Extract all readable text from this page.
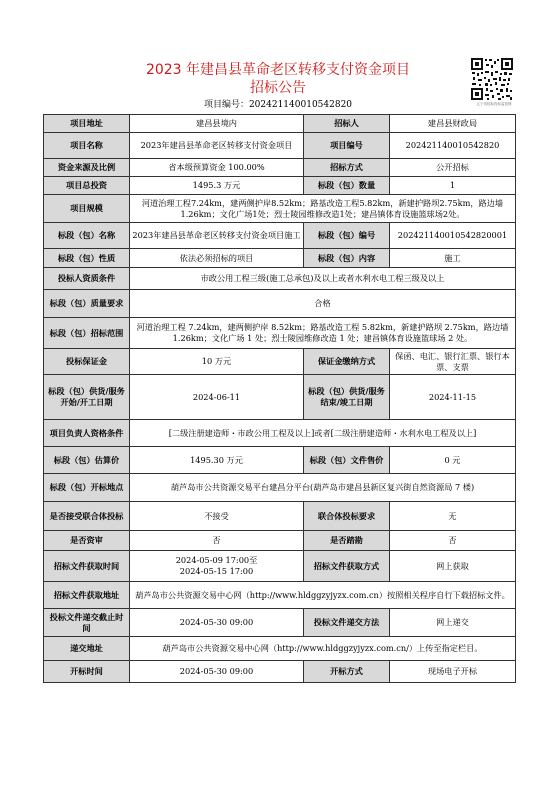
2023 年建昌县革命老区转移支付资金项目
招标公告
项目编号：2024211400105428​20	辽宁省招标投标监管网
项目地址	建昌县境内	招标人	建昌县财政局
项目名称	2023年建昌县革命老区转移支付资金项目	项目编号	2024211400105428​20
资金来源及比例	省本级预算资金 100.00%	招标方式	公开招标
项目总投资	1495.3 万元	标段（包）数量	1
项目规模	河道治理工程7.24km，建两侧护岸8.52km；路基改造工程5.82km，新建护路坝2.75km，路边墙1.26km；文化广场1处；烈士陵园维修改造1处；建昌镇体育设施篮球场2处。		
标段（包）名称	2023年建昌县革命老区转移支付资金项目施工	标段（包）编号	2024211400105428​20001
标段（包）性质	依法必须招标的项目	标段（包）内容	施工
投标人资质条件	市政公用工程三级(施工总承包)及以上或者水利水电工程三级及以上		
标段（包）质量要求	合格		
标段（包）招标范围	河道治理工程 7.24km，建两侧护岸 8.52km；路基改造工程 5.82km，新建护路坝 2.75km，路边墙 1.26km；文化广场 1 处；烈士陵园维修改造 1 处；建昌镇体育设施篮球场 2 处。		
投标保证金	10 万元	保证金缴纳方式	保函、电汇、银行汇票、银行本票、支票
标段（包）供货/服务开始/开工日期	2024-06-11	标段（包）供货/服务结束/竣工日期	2024-11-15
项目负责人资格条件	[二级注册建造师・市政公用工程及以上]或者[二级注册建造师・水利水电工程及以上]		
标段（包）估算价	1495.30 万元	标段（包）文件售价	0 元
标段（包）开标地点	葫芦岛市公共资源交易平台建昌分平台(葫芦岛市建昌县新区复兴街自然资源局 7 楼)		
是否接受联合体投标	不接受	联合体投标要求	无
是否资审	否	是否踏勘	否
招标文件获取时间	2024-05-09 17:00至
2024-05-15 17:00	招标文件获取方式	网上获取
招标文件获取地址	葫芦岛市公共资源交易中心网（http://www.hldggzyjyzx.com.cn）按照相关程序自行下载招标文件。		
投标文件递交截止时间	2024-05-30 09:00	投标文件递交方法	网上递交
递交地址	葫芦岛市公共资源交易中心网（http://www.hldggzyjyzx.com.cn/）上传至指定栏目。		
开标时间	2024-05-30 09:00	开标方式	现场电子开标
